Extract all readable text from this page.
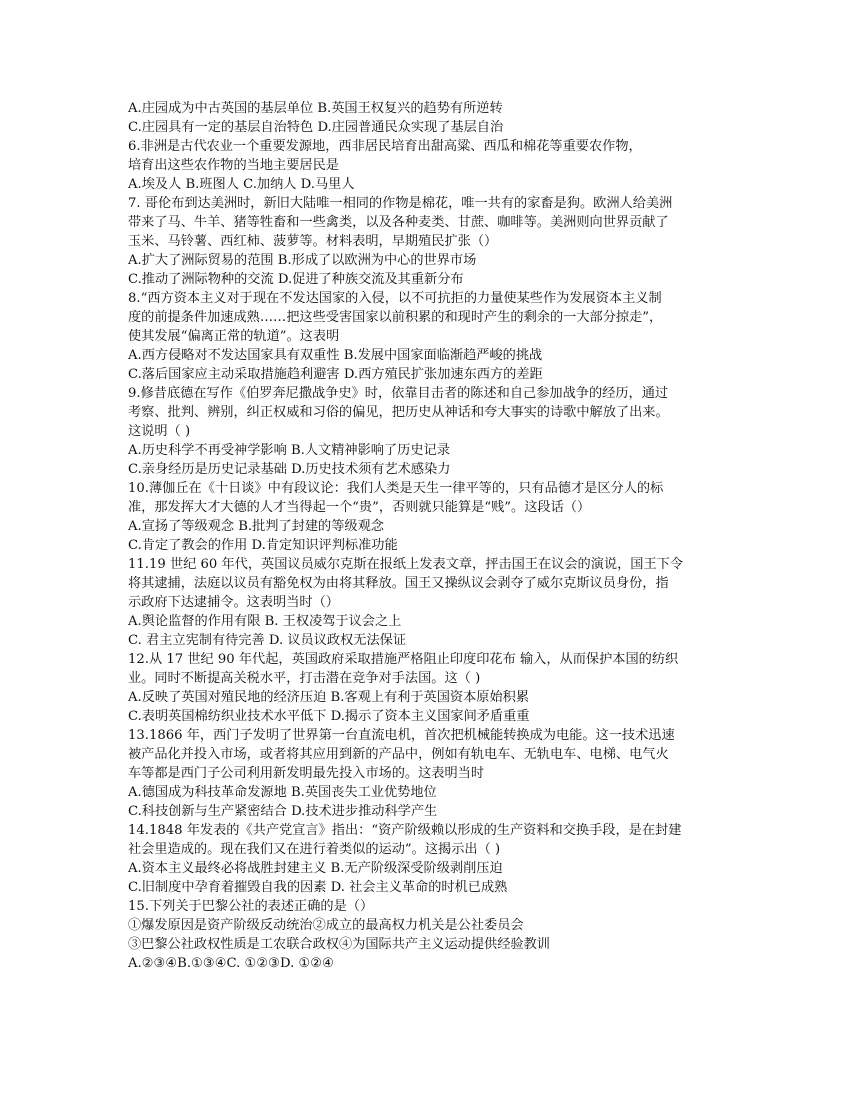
A.庄园成为中古英国的基层单位 B.英国王权复兴的趋势有所逆转
C.庄园具有一定的基层自治特色 D.庄园普通民众实现了基层自治
6.非洲是古代农业一个重要发源地，西非居民培育出甜高粱、西瓜和棉花等重要农作物，
培育出这些农作物的当地主要居民是
A.埃及人 B.班图人 C.加纳人 D.马里人
7. 哥伦布到达美洲时，新旧大陆唯一相同的作物是棉花，唯一共有的家畜是狗。欧洲人给美洲
带来了马、牛羊、猪等牲畜和一些禽类，以及各种麦类、甘蔗、咖啡等。美洲则向世界贡献了
玉米、马铃薯、西红柿、菠萝等。材料表明，早期殖民扩张（）
A.扩大了洲际贸易的范围 B.形成了以欧洲为中心的世界市场
C.推动了洲际物种的交流 D.促进了种族交流及其重新分布
8.“西方资本主义对于现在不发达国家的入侵，以不可抗拒的力量使某些作为发展资本主义制
度的前提条件加速成熟……把这些受害国家以前积累的和现时产生的剩余的一大部分掠走”，
使其发展“偏离正常的轨道”。这表明
A.西方侵略对不发达国家具有双重性 B.发展中国家面临渐趋严峻的挑战
C.落后国家应主动采取措施趋利避害 D.西方殖民扩张加速东西方的差距
9.修昔底德在写作《伯罗奔尼撒战争史》时，依靠目击者的陈述和自己参加战争的经历，通过
考察、批判、辨别，纠正权威和习俗的偏见，把历史从神话和夸大事实的诗歌中解放了出来。
这说明（ )
A.历史科学不再受神学影响 B.人文精神影响了历史记录
C.亲身经历是历史记录基础 D.历史技术须有艺术感染力
10.薄伽丘在《十日谈》中有段议论：我们人类是天生一律平等的，只有品德才是区分人的标
准，那发挥大才大德的人才当得起一个“贵”，否则就只能算是“贱”。这段话（）
A.宣扬了等级观念 B.批判了封建的等级观念
C.肯定了教会的作用 D.肯定知识评判标准功能
11.19 世纪 60 年代，英国议员威尔克斯在报纸上发表文章，抨击国王在议会的演说，国王下令
将其逮捕，法庭以议员有豁免权为由将其释放。国王又操纵议会剥夺了威尔克斯议员身份，指
示政府下达逮捕令。这表明当时（）
A.舆论监督的作用有限 B. 王权凌驾于议会之上
C. 君主立宪制有待完善 D. 议员议政权无法保证
12.从 17 世纪 90 年代起，英国政府采取措施严格阻止印度印花布 输入，从而保护本国的纺织
业。同时不断提高关税水平，打击潜在竞争对手法国。这（ )
A.反映了英国对殖民地的经济压迫 B.客观上有利于英国资本原始积累
C.表明英国棉纺织业技术水平低下 D.揭示了资本主义国家间矛盾重重
13.1866 年，西门子发明了世界第一台直流电机，首次把机械能转换成为电能。这一技术迅速
被产品化并投入市场，或者将其应用到新的产品中，例如有轨电车、无轨电车、电梯、电气火
车等都是西门子公司利用新发明最先投入市场的。这表明当时
A.德国成为科技革命发源地 B.英国丧失工业优势地位
C.科技创新与生产紧密结合 D.技术进步推动科学产生
14.1848 年发表的《共产党宣言》指出：“资产阶级赖以形成的生产资料和交换手段，是在封建
社会里造成的。现在我们又在进行着类似的运动”。这揭示出（ )
A.资本主义最终必将战胜封建主义 B.无产阶级深受阶级剥削压迫
C.旧制度中孕育着摧毁自我的因素 D. 社会主义革命的时机已成熟
15.下列关于巴黎公社的表述正确的是（）
①爆发原因是资产阶级反动统治②成立的最高权力机关是公社委员会
③巴黎公社政权性质是工农联合政权④为国际共产主义运动提供经验教训
A.②③④B.①③④C. ①②③D. ①②④
